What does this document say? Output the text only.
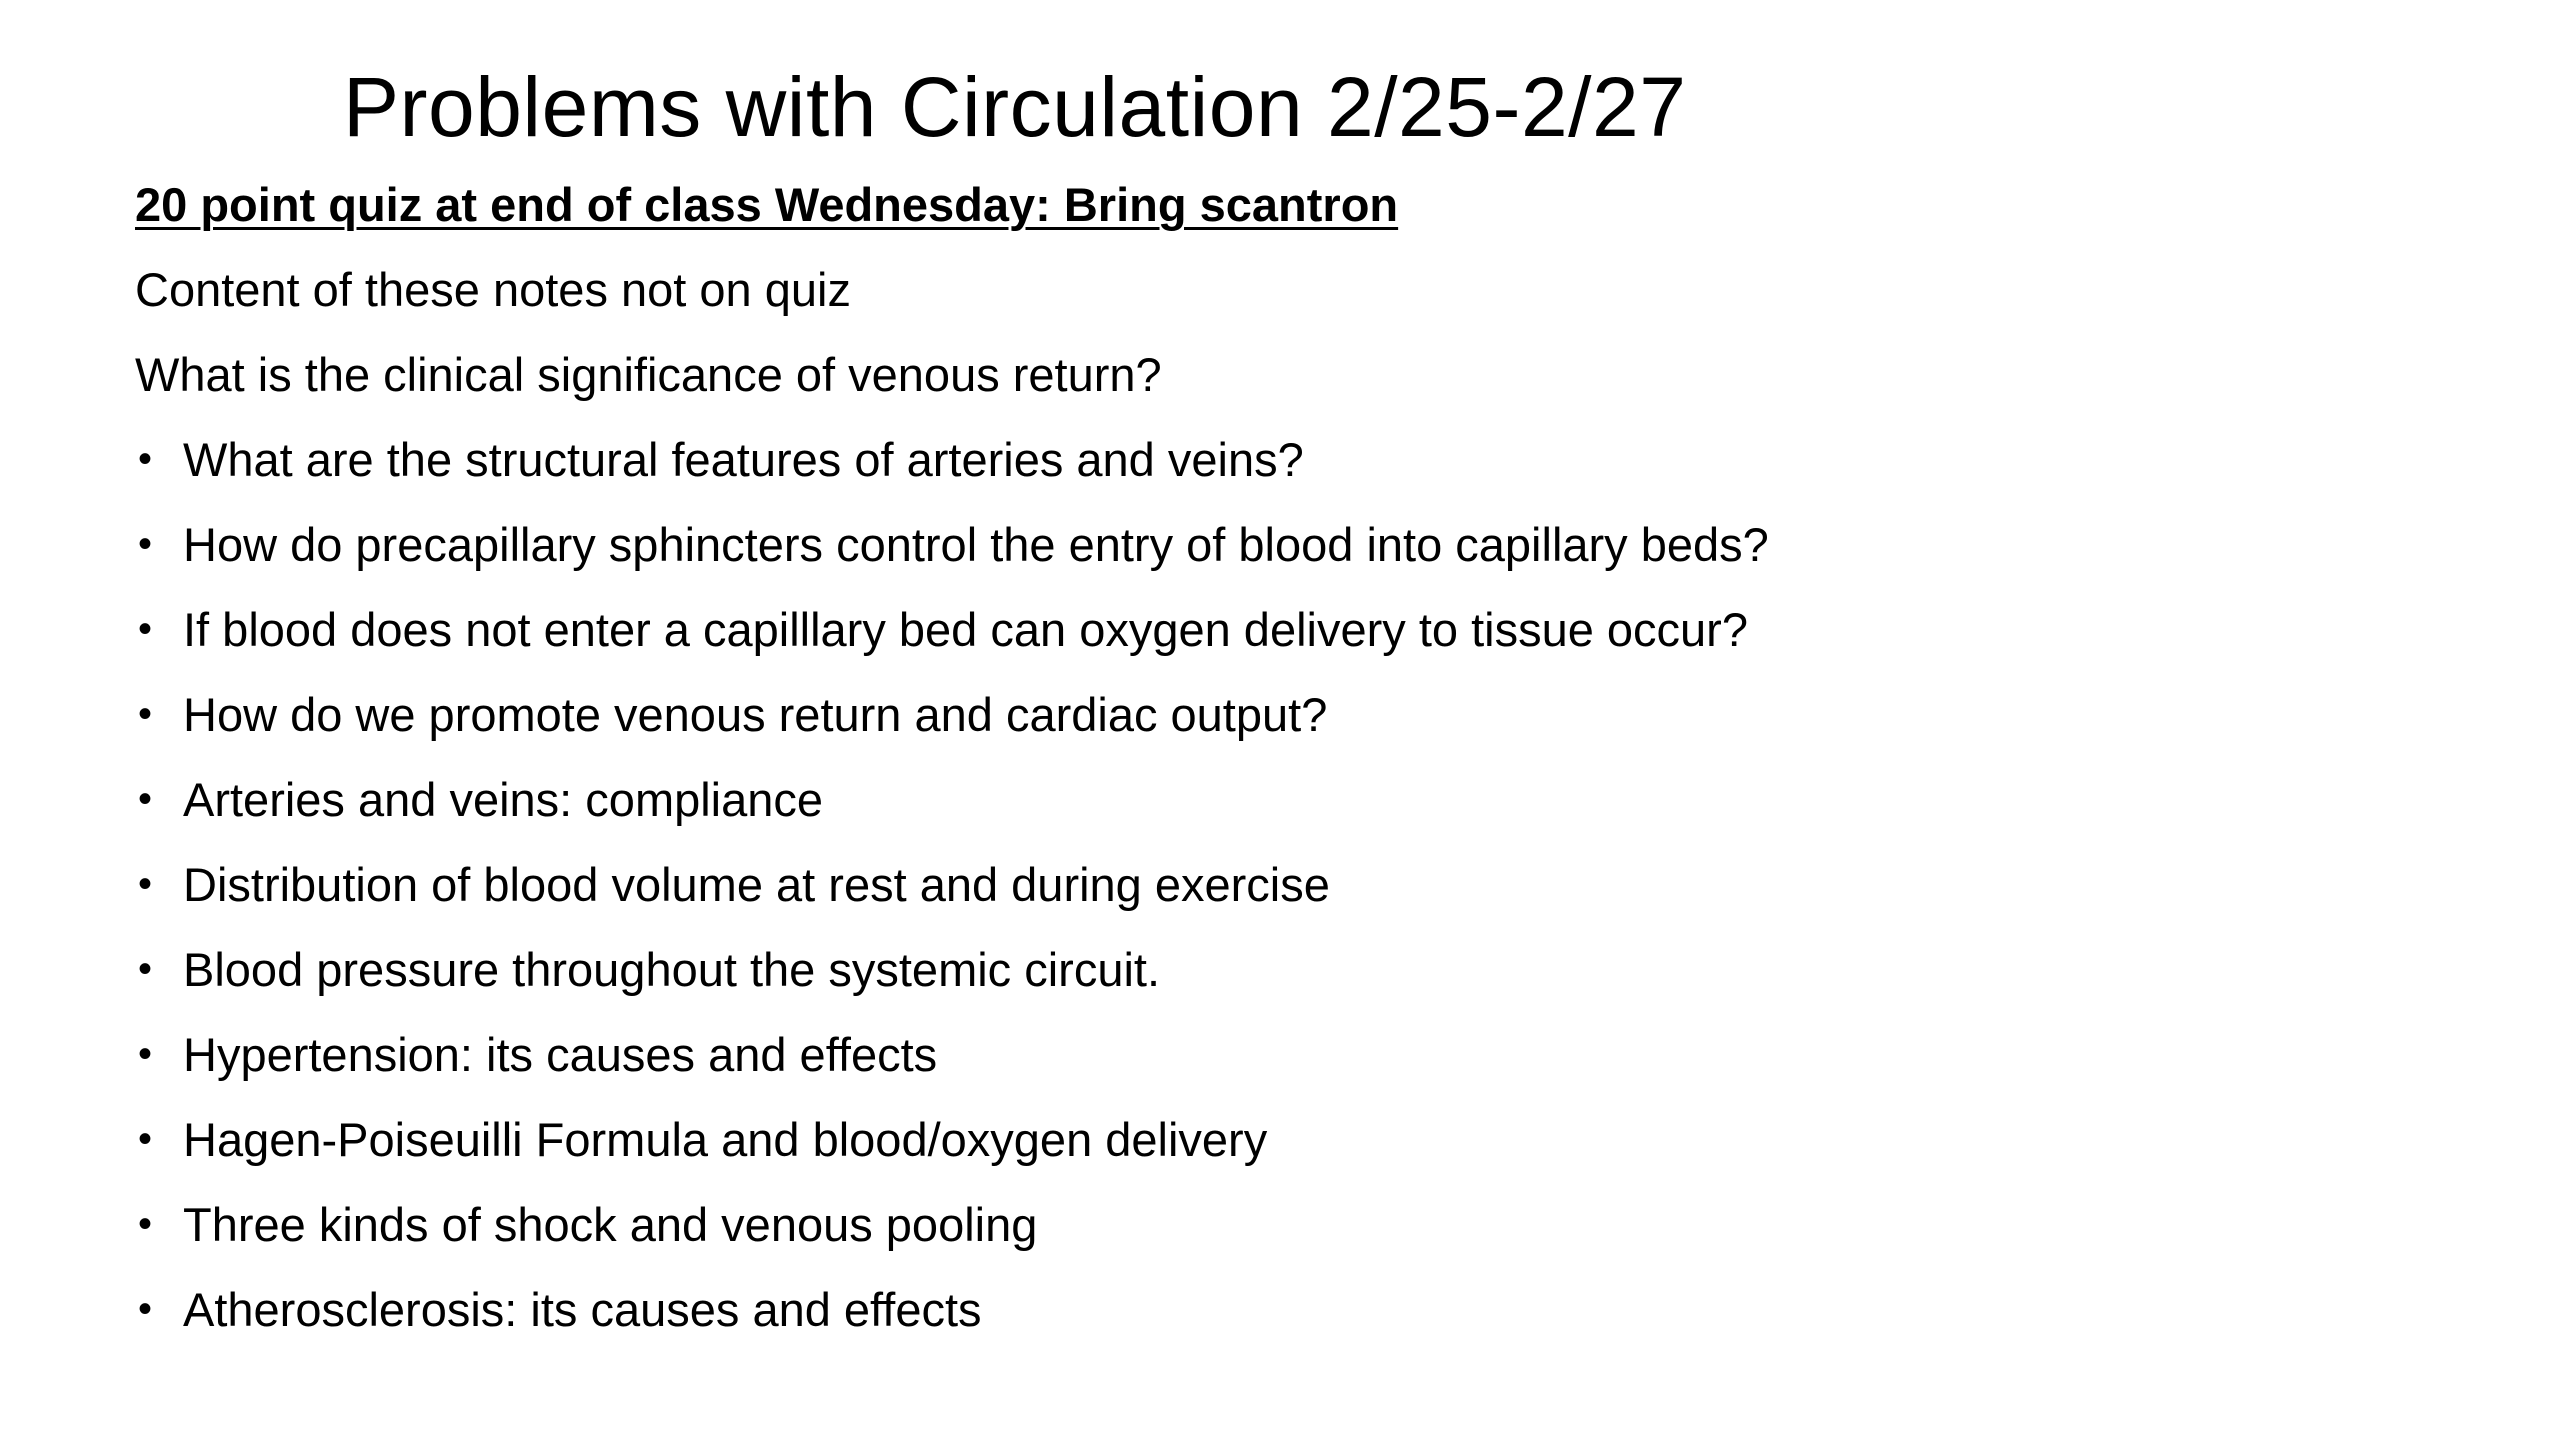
Problems with Circulation 2/25-2/27
20 point quiz at end of class Wednesday: Bring scantron
Content of these notes not on quiz
What is the clinical significance of venous return?
• What are the structural features of arteries and veins?
• How do precapillary sphincters control the entry of blood into capillary beds?
• If blood does not enter a capilllary bed can oxygen delivery to tissue occur?
• How do we promote venous return and cardiac output?
• Arteries and veins: compliance
• Distribution of blood volume at rest and during exercise
• Blood pressure throughout the systemic circuit.
• Hypertension: its causes and effects
• Hagen-Poiseuilli Formula and blood/oxygen delivery
• Three kinds of shock and venous pooling
• Atherosclerosis: its causes and effects
